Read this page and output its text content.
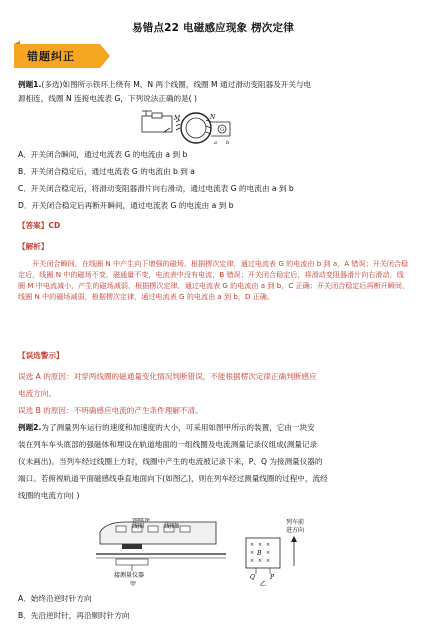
易错点22 电磁感应现象 楞次定律
错题纠正
例题1.(多选)如图所示铁环上绕有 M、N 两个线圈，线圈 M 通过滑动变阻器及开关与电
源相连，线圈 N 连接电流表 G，下列说法正确的是( )
M	N
G
a b
A．开关闭合瞬间，通过电流表 G 的电流由 a 到 b
B．开关闭合稳定后，通过电流表 G 的电流由 b 到 a
C．开关闭合稳定后，将滑动变阻器滑片向右滑动，通过电流表 G 的电流由 a 到 b
D．开关闭合稳定后再断开瞬间，通过电流表 G 的电流由 a 到 b
【答案】CD
【解析】
开关闭合瞬间，在线圈 N 中产生向下增强的磁场，根据楞次定律，通过电流表 G 的电流由 b 到 a，A 错误；开关闭合稳定后，线圈 N 中的磁场不变，磁通量不变，电流表中没有电流，B 错误；开关闭合稳定后，将滑动变阻器滑片向右滑动，线圈 M 中电流减小，产生的磁场减弱，根据楞次定律，通过电流表 G 的电流由 a 到 b，C 正确；开关闭合稳定后再断开瞬间，线圈 N 中的磁场减弱，根据楞次定律，通过电流表 G 的电流由 a 到 b，D 正确。
【误选警示】
误选 A 的原因：对穿两线圈的磁通量变化情况判断错误，不能根据楞次定律正确判断感应
电流方向。
误选 B 的原因：不明确感应电流的产生条件理解不清。
例题2.为了测量列车运行的速度和加速度的大小，可采用如图甲所示的装置，它由一块安
装在列车车头底部的强磁体和埋设在轨道地面的一组线圈及电流测量记录仪组成(测量记录
仪未画出)。当列车经过线圈上方时，线圈中产生的电流被记录下来，P、Q 为接测量仪器的
端口。若俯视轨道平面磁感线垂直地面向下(如图乙)，则在列车经过测量线圈的过程中，流经
线圈的电流方向( )
强磁体
线圈	线圈Ⅱ
接测量仪器
甲
× × ×
× ×
× × ×
B
Q	P
列车前
进方向
乙
A．始终沿逆时针方向
B．先沿逆时针，再沿顺时针方向
